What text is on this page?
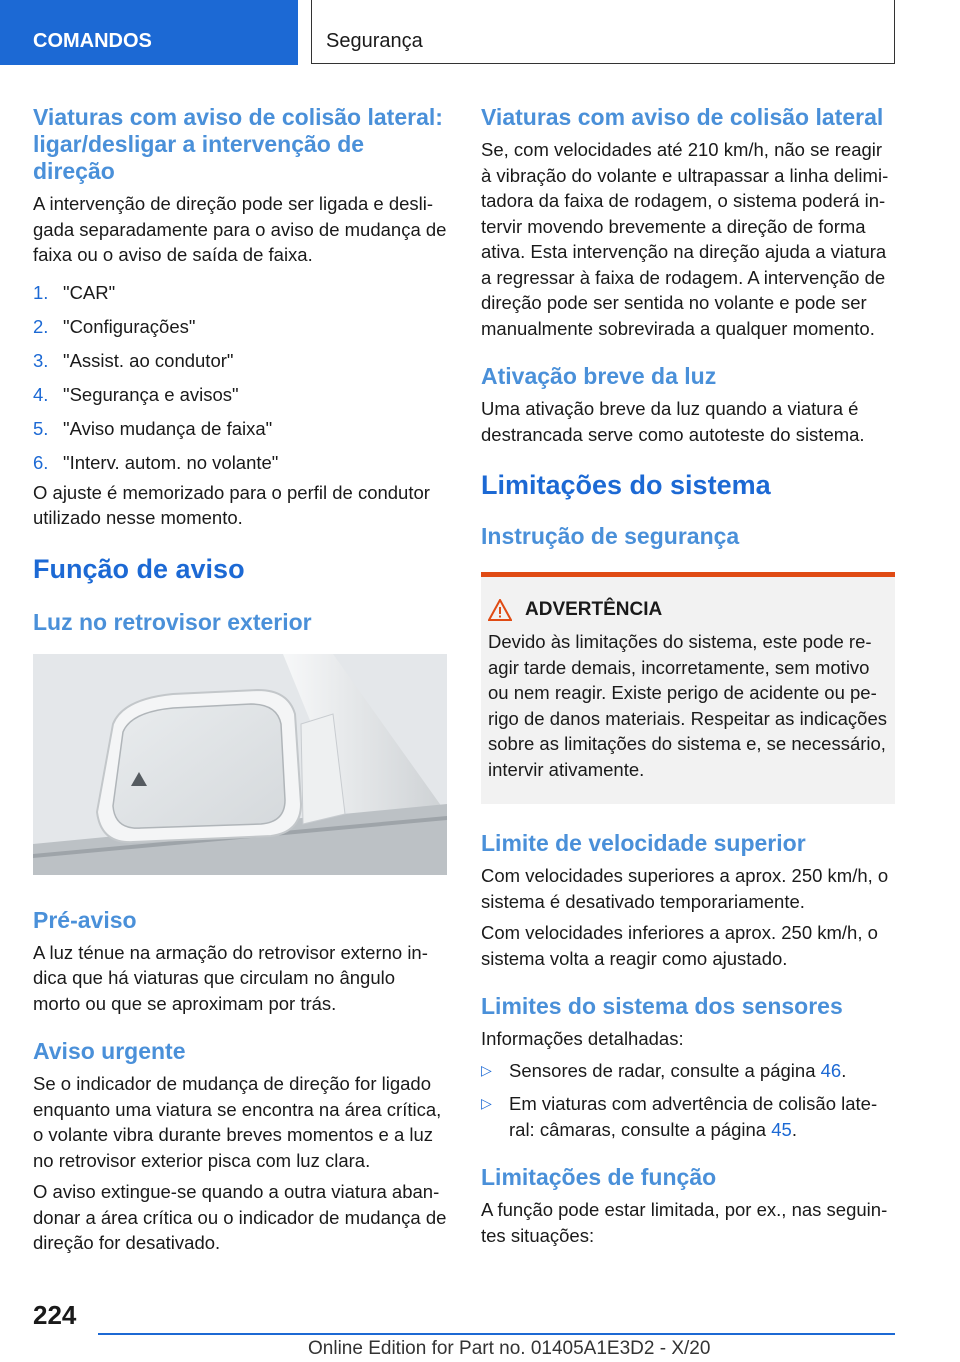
COMANDOS	Segurança
Viaturas com aviso de colisão lateral: ligar/desligar a intervenção de direção

A intervenção de direção pode ser ligada e desligada separadamente para o aviso de mudança de faixa ou o aviso de saída de faixa.

1. "CAR"
2. "Configurações"
3. "Assist. ao condutor"
4. "Segurança e avisos"
5. "Aviso mudança de faixa"
6. "Interv. autom. no volante"

O ajuste é memorizado para o perfil de condutor utilizado nesse momento.

Função de aviso
Luz no retrovisor exterior
Pré-aviso

A luz ténue na armação do retrovisor externo indica que há viaturas que circulam no ângulo morto ou que se aproximam por trás.

Aviso urgente

Se o indicador de mudança de direção for ligado enquanto uma viatura se encontra na área crítica, o volante vibra durante breves momentos e a luz no retrovisor exterior pisca com luz clara.

O aviso extingue-se quando a outra viatura abandonar a área crítica ou o indicador de mudança de direção for desativado.

Viaturas com aviso de colisão lateral

Se, com velocidades até 210 km/h, não se reagir à vibração do volante e ultrapassar a linha delimitadora da faixa de rodagem, o sistema poderá intervir movendo brevemente a direção de forma ativa. Esta intervenção na direção ajuda a viatura a regressar à faixa de rodagem. A intervenção de direção pode ser sentida no volante e pode ser manualmente sobrevirada a qualquer momento.

Ativação breve da luz

Uma ativação breve da luz quando a viatura é destrancada serve como autoteste do sistema.

Limitações do sistema
Instrução de segurança
ADVERTÊNCIA

Devido às limitações do sistema, este pode reagir tarde demais, incorretamente, sem motivo ou nem reagir. Existe perigo de acidente ou perigo de danos materiais. Respeitar as indicações sobre as limitações do sistema e, se necessário, intervir ativamente.

Limite de velocidade superior

Com velocidades superiores a aprox. 250 km/h, o sistema é desativado temporariamente.

Com velocidades inferiores a aprox. 250 km/h, o sistema volta a reagir como ajustado.

Limites do sistema dos sensores

Informações detalhadas:

▷ Sensores de radar, consulte a página 46.
▷ Em viaturas com advertência de colisão lateral: câmaras, consulte a página 45.
Limitações de função

A função pode estar limitada, por ex., nas seguintes situações:

224
Online Edition for Part no. 01405A1E3D2 - X/20
